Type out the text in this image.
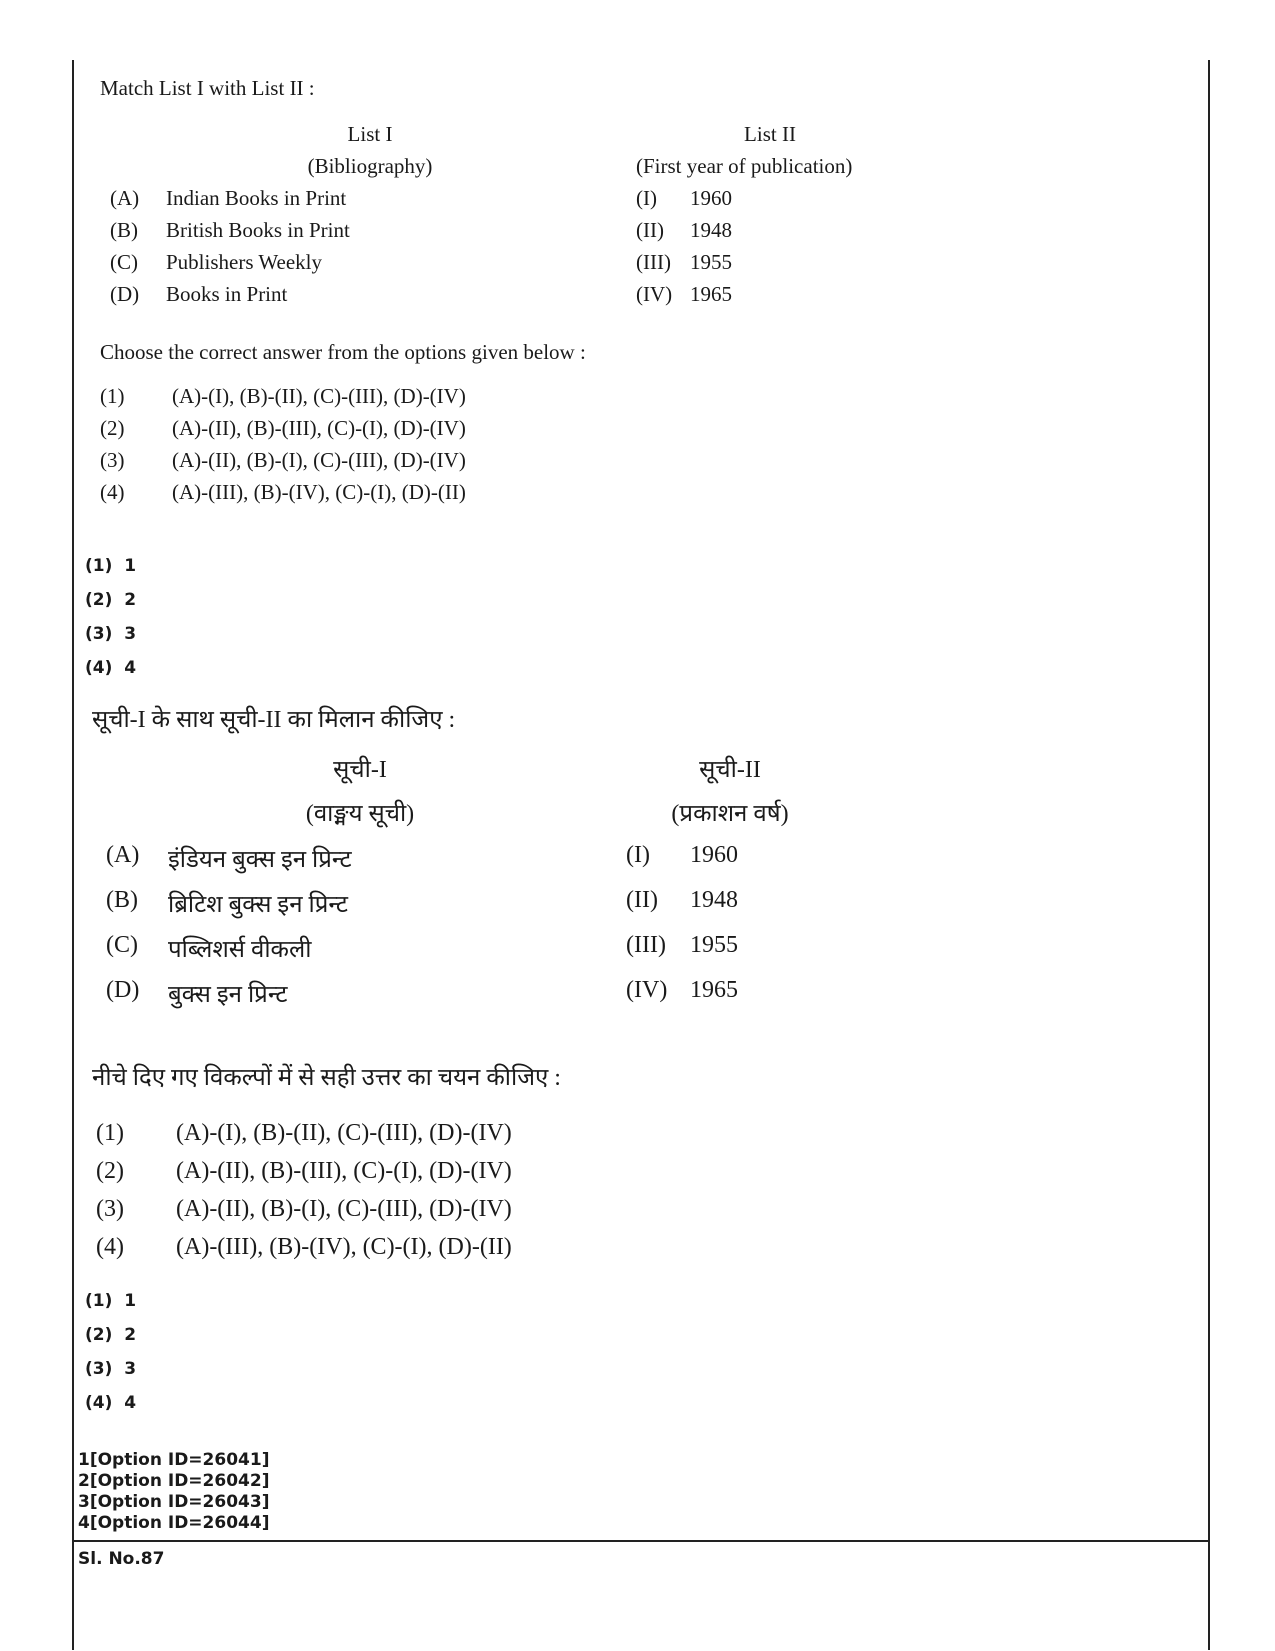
Match List I with List II :
List I
(Bibliography)
List II
(First year of publication)
(A) Indian Books in Print	(I) 1960
(B) British Books in Print	(II) 1948
(C) Publishers Weekly	(III) 1955
(D) Books in Print	(IV) 1965
Choose the correct answer from the options given below :
(1) (A)-(I), (B)-(II), (C)-(III), (D)-(IV)
(2) (A)-(II), (B)-(III), (C)-(I), (D)-(IV)
(3) (A)-(II), (B)-(I), (C)-(III), (D)-(IV)
(4) (A)-(III), (B)-(IV), (C)-(I), (D)-(II)
(1)  1
(2)  2
(3)  3
(4)  4
सूची-I के साथ सूची-II का मिलान कीजिए :
सूची-I
(वाङ्मय सूची)
सूची-II
(प्रकाशन वर्ष)
(A) इंडियन बुक्स इन प्रिन्ट	(I) 1960
(B) ब्रिटिश बुक्स इन प्रिन्ट	(II) 1948
(C) पब्लिशर्स वीकली	(III) 1955
(D) बुक्स इन प्रिन्ट	(IV) 1965
नीचे दिए गए विकल्पों में से सही उत्तर का चयन कीजिए :
(1) (A)-(I), (B)-(II), (C)-(III), (D)-(IV)
(2) (A)-(II), (B)-(III), (C)-(I), (D)-(IV)
(3) (A)-(II), (B)-(I), (C)-(III), (D)-(IV)
(4) (A)-(III), (B)-(IV), (C)-(I), (D)-(II)
(1)  1
(2)  2
(3)  3
(4)  4
1[Option ID=26041]
2[Option ID=26042]
3[Option ID=26043]
4[Option ID=26044]
Sl. No.87
